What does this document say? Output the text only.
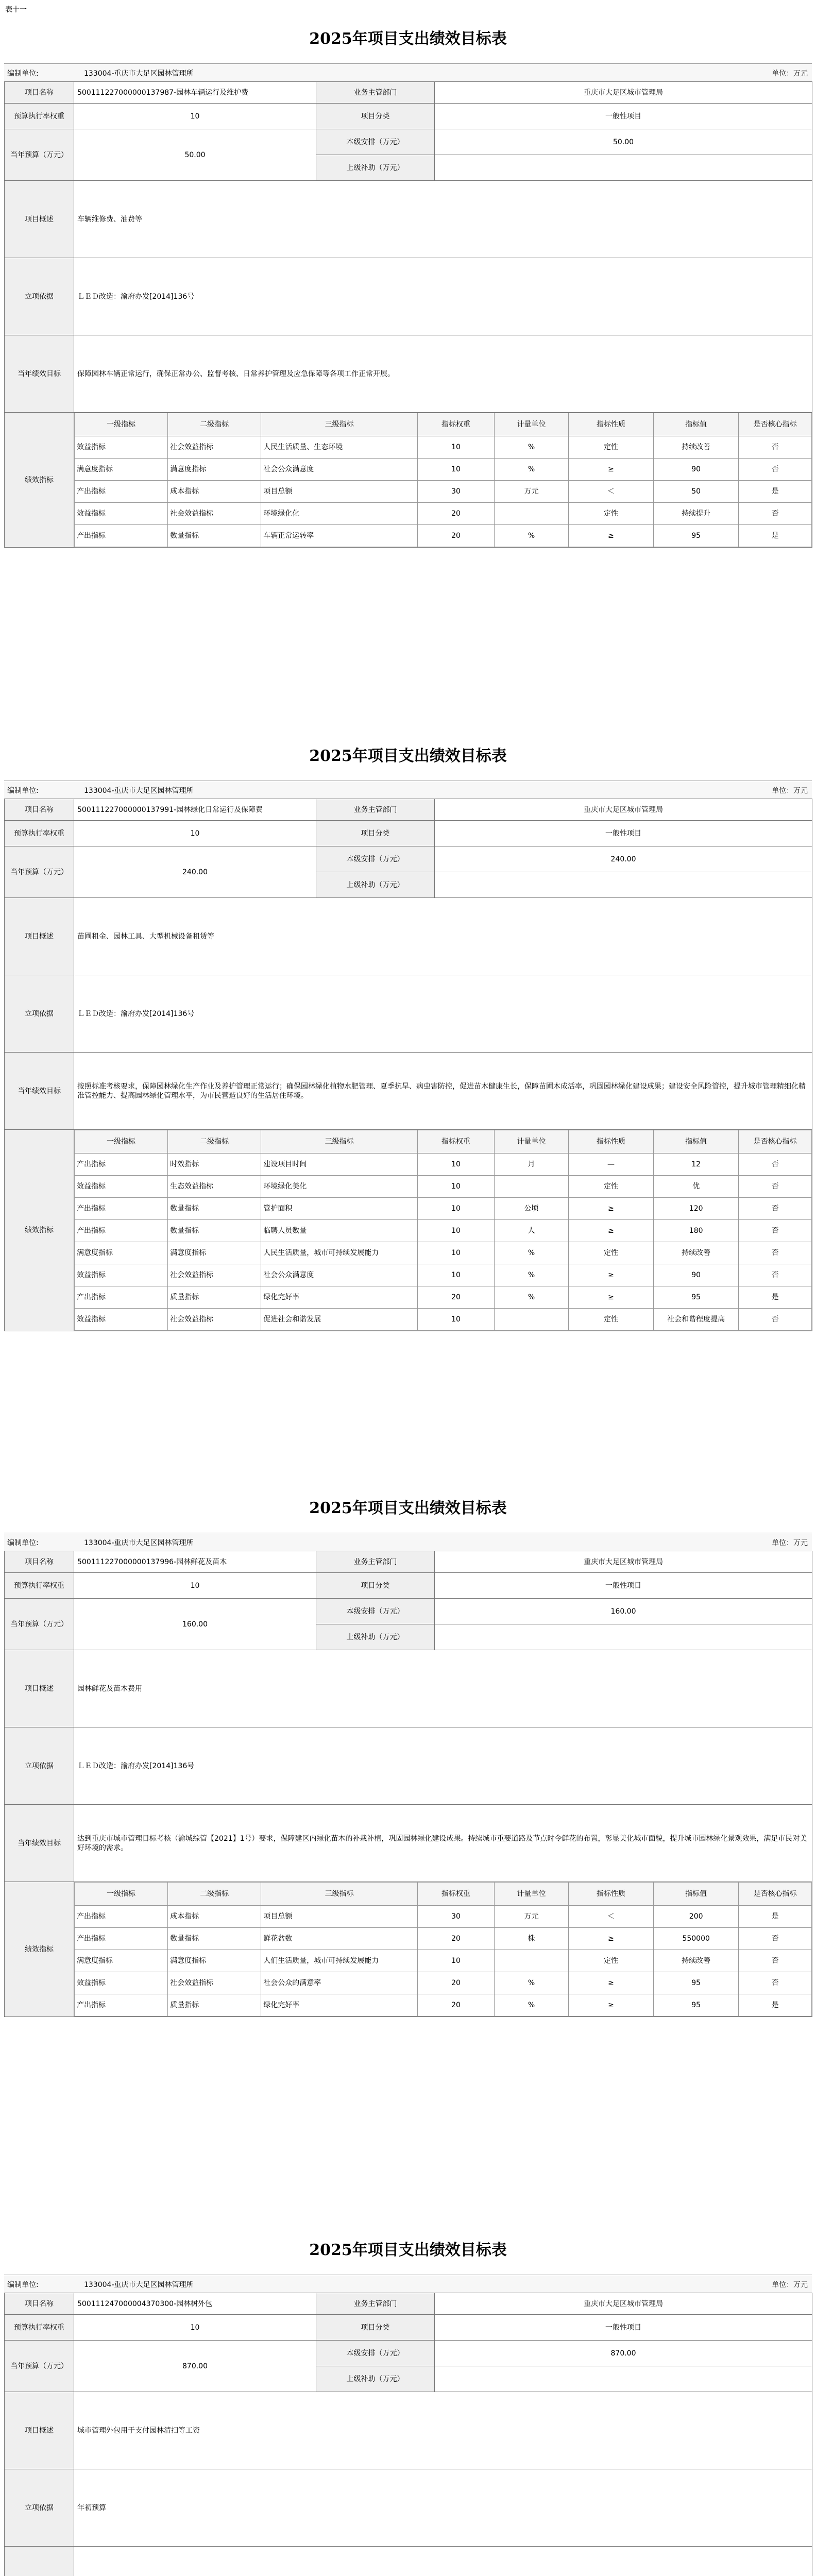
表十一
2025年项目支出绩效目标表
编制单位:	133004-重庆市大足区园林管理所	单位：万元
项目名称	500111227000000137987-园林车辆运行及维护费	业务主管部门	重庆市大足区城市管理局
预算执行率权重	10	项目分类	一般性项目
当年预算（万元）	50.00	本级安排（万元）	50.00
上级补助（万元）	
项目概述	车辆维修费、油费等
立项依据	ＬＥＤ改造：渝府办发[2014]136号
当年绩效目标	保障园林车辆正常运行，确保正常办公、监督考核、日常养护管理及应急保障等各项工作正常开展。
绩效指标	
一级指标	二级指标	三级指标	指标权重	计量单位	指标性质	指标值	是否核心指标
效益指标	社会效益指标	人民生活质量、生态环境	10	%	定性	持续改善	否
满意度指标	满意度指标	社会公众满意度	10	%	≥	90	否
产出指标	成本指标	项目总额	30	万元	＜	50	是
效益指标	社会效益指标	环境绿化化	20		定性	持续提升	否
产出指标	数量指标	车辆正常运转率	20	%	≥	95	是
2025年项目支出绩效目标表
编制单位:	133004-重庆市大足区园林管理所	单位：万元
项目名称	500111227000000137991-园林绿化日常运行及保障费	业务主管部门	重庆市大足区城市管理局
预算执行率权重	10	项目分类	一般性项目
当年预算（万元）	240.00	本级安排（万元）	240.00
上级补助（万元）	
项目概述	苗圃租金、园林工具、大型机械设备租赁等
立项依据	ＬＥＤ改造：渝府办发[2014]136号
当年绩效目标	按照标准考核要求，保障园林绿化生产作业及养护管理正常运行；确保园林绿化植物水肥管理、夏季抗旱、病虫害防控，促进苗木健康生长，保障苗圃木成活率，巩固园林绿化建设成果；建设安全风险管控，提升城市管理精细化精准管控能力、提高园林绿化管理水平，为市民营造良好的生活居住环境。
绩效指标	
一级指标	二级指标	三级指标	指标权重	计量单位	指标性质	指标值	是否核心指标
产出指标	时效指标	建设项目时间	10	月	—	12	否
效益指标	生态效益指标	环境绿化美化	10		定性	优	否
产出指标	数量指标	管护面积	10	公顷	≥	120	否
产出指标	数量指标	临聘人员数量	10	人	≥	180	否
满意度指标	满意度指标	人民生活质量，城市可持续发展能力	10	%	定性	持续改善	否
效益指标	社会效益指标	社会公众满意度	10	%	≥	90	否
产出指标	质量指标	绿化完好率	20	%	≥	95	是
效益指标	社会效益指标	促进社会和谐发展	10		定性	社会和谐程度提高	否
2025年项目支出绩效目标表
编制单位:	133004-重庆市大足区园林管理所	单位：万元
项目名称	500111227000000137996-园林鲜花及苗木	业务主管部门	重庆市大足区城市管理局
预算执行率权重	10	项目分类	一般性项目
当年预算（万元）	160.00	本级安排（万元）	160.00
上级补助（万元）	
项目概述	园林鲜花及苗木费用
立项依据	ＬＥＤ改造：渝府办发[2014]136号
当年绩效目标	达到重庆市城市管理目标考核（渝城综管【2021】1号）要求，保障建区内绿化苗木的补栽补植，巩固园林绿化建设成果。持续城市重要道路及节点时令鲜花的布置，彰显美化城市面貌，提升城市园林绿化景观效果，满足市民对美好环境的需求。
绩效指标	
一级指标	二级指标	三级指标	指标权重	计量单位	指标性质	指标值	是否核心指标
产出指标	成本指标	项目总额	30	万元	＜	200	是
产出指标	数量指标	鲜花盆数	20	株	≥	550000	否
满意度指标	满意度指标	人们生活质量，城市可持续发展能力	10		定性	持续改善	否
效益指标	社会效益指标	社会公众的满意率	20	%	≥	95	否
产出指标	质量指标	绿化完好率	20	%	≥	95	是
2025年项目支出绩效目标表
编制单位:	133004-重庆市大足区园林管理所	单位：万元
项目名称	500111247000004370300-园林树外包	业务主管部门	重庆市大足区城市管理局
预算执行率权重	10	项目分类	一般性项目
当年预算（万元）	870.00	本级安排（万元）	870.00
上级补助（万元）	
项目概述	城市管理外包用于支付园林清扫等工资
立项依据	年初预算
